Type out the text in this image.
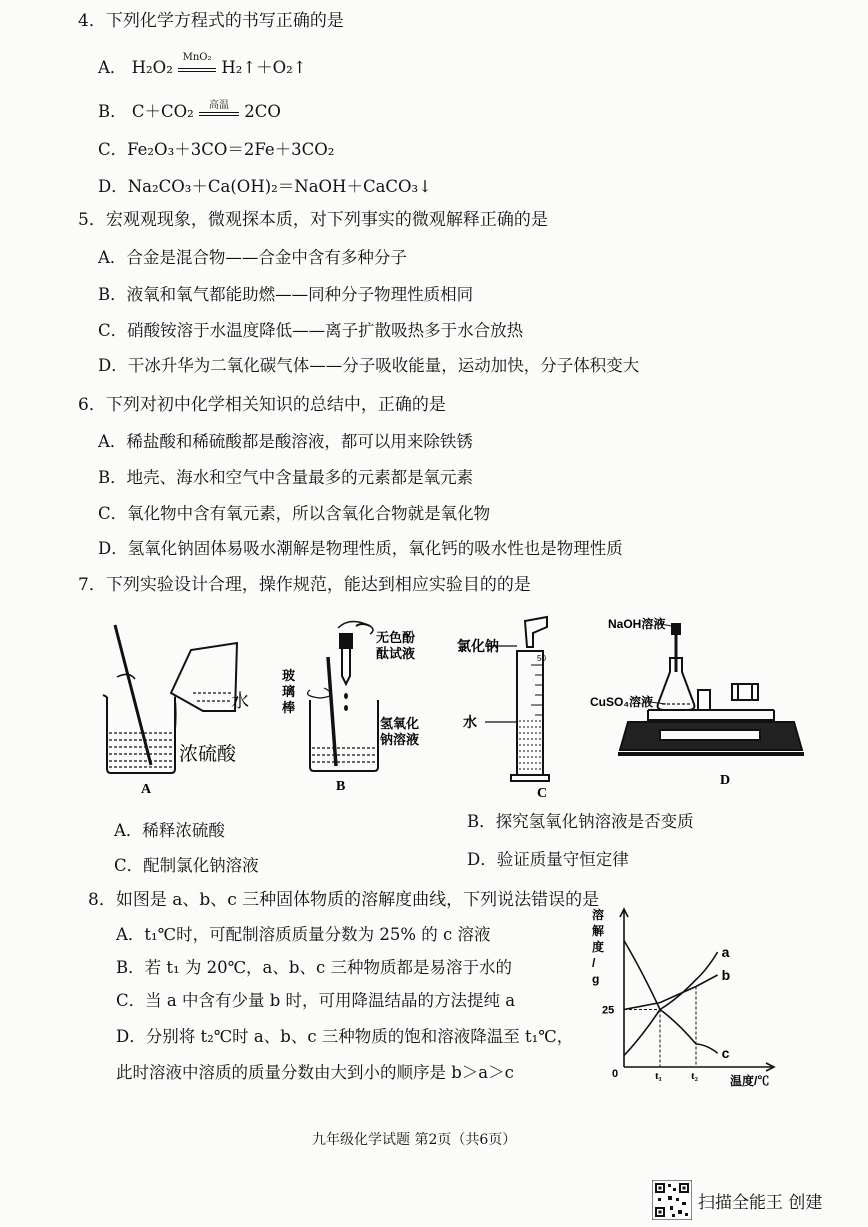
4．下列化学方程式的书写正确的是
A． H₂O₂
MnO₂
H₂↑＋O₂↑
B． C＋CO₂	高温 2CO
C．Fe₂O₃＋3CO＝2Fe＋3CO₂
D．Na₂CO₃＋Ca(OH)₂＝NaOH＋CaCO₃↓
5．宏观观现象，微观探本质，对下列事实的微观解释正确的是
A．合金是混合物——合金中含有多种分子
B．液氧和氧气都能助燃——同种分子物理性质相同
C．硝酸铵溶于水温度降低——离子扩散吸热多于水合放热
D．干冰升华为二氧化碳气体——分子吸收能量，运动加快，分子体积变大
6．下列对初中化学相关知识的总结中，正确的是
A．稀盐酸和稀硫酸都是酸溶液，都可以用来除铁锈
B．地壳、海水和空气中含量最多的元素都是氧元素
C．氧化物中含有氧元素，所以含氧化合物就是氧化物
D．氢氧化钠固体易吸水潮解是物理性质，氧化钙的吸水性也是物理性质
7．下列实验设计合理，操作规范，能达到相应实验目的的是
水
浓硫酸
A
玻璃棒
无色酚酞试液
氢氧化钠溶液
B
50
氯化钠
水
C
NaOH溶液
CuSO₄溶液
D
A．稀释浓硫酸	B．探究氢氧化钠溶液是否变质
C．配制氯化钠溶液	D．验证质量守恒定律
8．如图是 a、b、c 三种固体物质的溶解度曲线，下列说法错误的是
A．t₁℃时，可配制溶质质量分数为 25% 的 c 溶液
B．若 t₁ 为 20℃，a、b、c 三种物质都是易溶于水的
C．当 a 中含有少量 b 时，可用降温结晶的方法提纯 a
D．分别将 t₂℃时 a、b、c 三种物质的饱和溶液降温至 t₁℃，
此时溶液中溶质的质量分数由大到小的顺序是 b＞a＞c
溶解度/ g
温度/℃
0	t₁	t₂
25
a
b
c
九年级化学试题 第2页（共6页）
扫描全能王 创建
